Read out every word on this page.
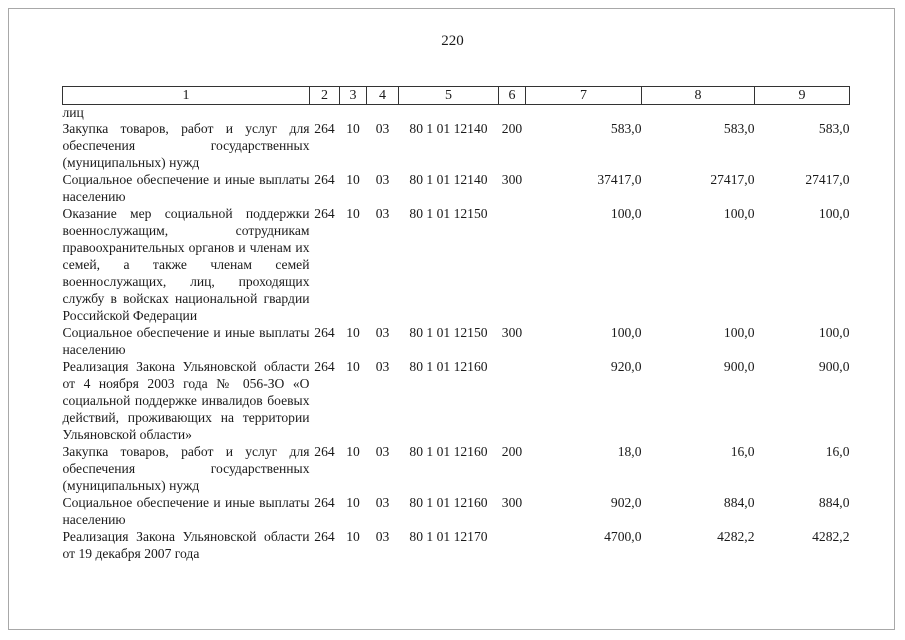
220
1	2	3	4	5	6	7	8	9
лиц								
Закупка товаров, работ и услуг для обеспечения государственных (муниципальных) нужд	264	10	03	80 1 01 12140	200	583,0	583,0	583,0
Социальное обеспечение и иные выплаты населению	264	10	03	80 1 01 12140	300	37417,0	27417,0	27417,0
Оказание мер социальной поддержки военнослужащим, сотрудникам правоохранительных органов и членам их семей, а также членам семей военнослужащих, лиц, проходящих службу в войсках национальной гвардии Российской Федерации	264	10	03	80 1 01 12150		100,0	100,0	100,0
Социальное обеспечение и иные выплаты населению	264	10	03	80 1 01 12150	300	100,0	100,0	100,0
Реализация Закона Ульяновской области от 4 ноября 2003 года № 056-ЗО «О социальной поддержке инвалидов боевых действий, проживающих на территории Ульяновской области»	264	10	03	80 1 01 12160		920,0	900,0	900,0
Закупка товаров, работ и услуг для обеспечения государственных (муниципальных) нужд	264	10	03	80 1 01 12160	200	18,0	16,0	16,0
Социальное обеспечение и иные выплаты населению	264	10	03	80 1 01 12160	300	902,0	884,0	884,0
Реализация Закона Ульяновской области от 19 декабря 2007 года	264	10	03	80 1 01 12170		4700,0	4282,2	4282,2
